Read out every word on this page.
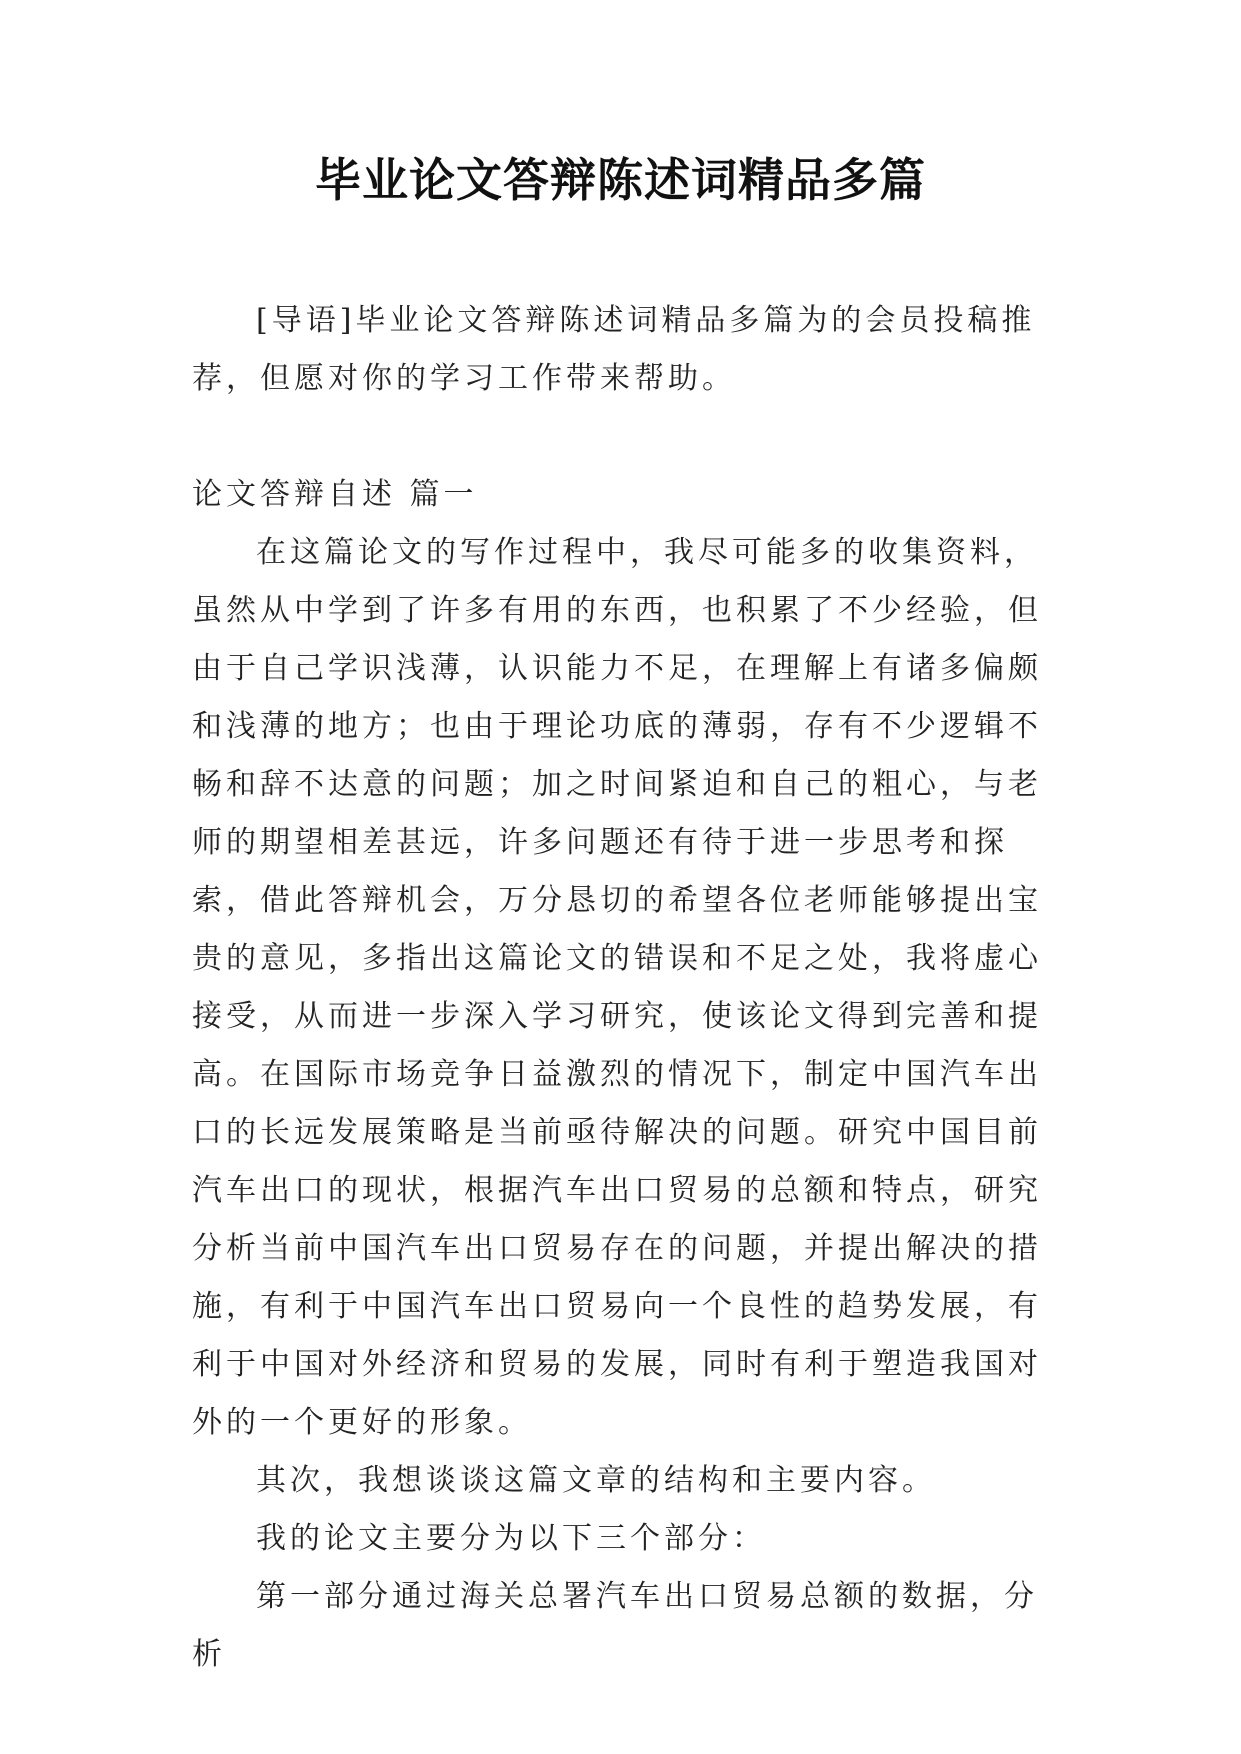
毕业论文答辩陈述词精品多篇
[导语]毕业论文答辩陈述词精品多篇为的会员投稿推荐，但愿对你的学习工作带来帮助。

论文答辩自述 篇一

在这篇论文的写作过程中，我尽可能多的收集资料，虽然从中学到了许多有用的东西，也积累了不少经验，但由于自己学识浅薄，认识能力不足，在理解上有诸多偏颇和浅薄的地方；也由于理论功底的薄弱，存有不少逻辑不畅和辞不达意的问题；加之时间紧迫和自己的粗心，与老师的期望相差甚远，许多问题还有待于进一步思考和探索，借此答辩机会，万分恳切的希望各位老师能够提出宝贵的意见，多指出这篇论文的错误和不足之处，我将虚心接受，从而进一步深入学习研究，使该论文得到完善和提高。在国际市场竞争日益激烈的情况下，制定中国汽车出口的长远发展策略是当前亟待解决的问题。研究中国目前汽车出口的现状，根据汽车出口贸易的总额和特点，研究分析当前中国汽车出口贸易存在的问题，并提出解决的措施，有利于中国汽车出口贸易向一个良性的趋势发展，有利于中国对外经济和贸易的发展，同时有利于塑造我国对外的一个更好的形象。

其次，我想谈谈这篇文章的结构和主要内容。

我的论文主要分为以下三个部分：

第一部分通过海关总署汽车出口贸易总额的数据，分析
